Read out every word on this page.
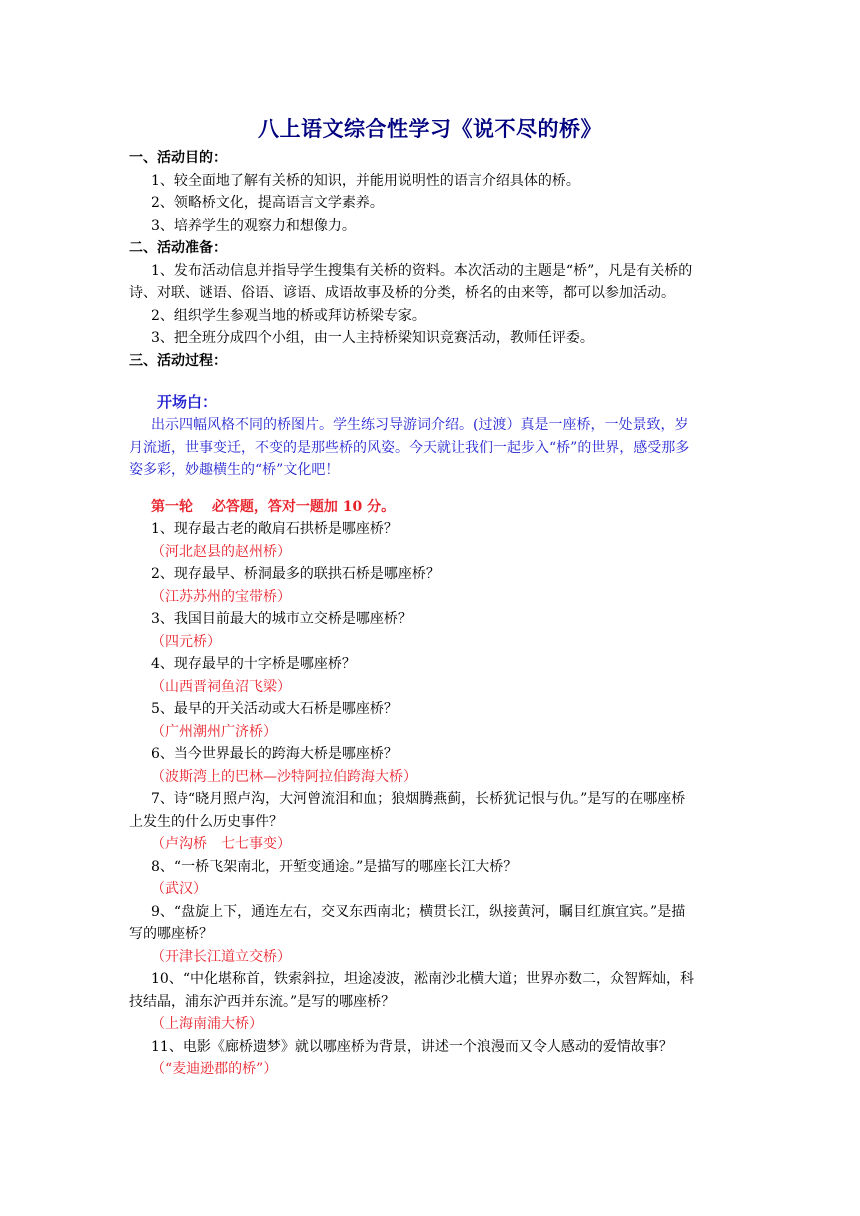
八上语文综合性学习《说不尽的桥》
一、活动目的：
1、较全面地了解有关桥的知识，并能用说明性的语言介绍具体的桥。
2、领略桥文化，提高语言文学素养。
3、培养学生的观察力和想像力。
二、活动准备：
1、发布活动信息并指导学生搜集有关桥的资料。本次活动的主题是“桥”，凡是有关桥的
诗、对联、谜语、俗语、谚语、成语故事及桥的分类，桥名的由来等，都可以参加活动。
2、组织学生参观当地的桥或拜访桥梁专家。
3、把全班分成四个小组，由一人主持桥梁知识竞赛活动，教师任评委。
三、活动过程：
开场白：
出示四幅风格不同的桥图片。学生练习导游词介绍。(过渡）真是一座桥，一处景致，岁
月流逝，世事变迁，不变的是那些桥的风姿。今天就让我们一起步入“桥”的世界，感受那多
姿多彩，妙趣横生的“桥”文化吧！
第一轮　 必答题，答对一题加 10 分。
1、现存最古老的敞肩石拱桥是哪座桥？
（河北赵县的赵州桥）
2、现存最早、桥洞最多的联拱石桥是哪座桥？
（江苏苏州的宝带桥）
3、我国目前最大的城市立交桥是哪座桥？
（四元桥）
4、现存最早的十字桥是哪座桥？
（山西晋祠鱼沼飞梁）
5、最早的开关活动或大石桥是哪座桥？
（广州潮州广济桥）
6、当今世界最长的跨海大桥是哪座桥？
（波斯湾上的巴林—沙特阿拉伯跨海大桥）
7、诗“晓月照卢沟，大河曾流泪和血；狼烟腾燕蓟，长桥犹记恨与仇。”是写的在哪座桥
上发生的什么历史事件？
（卢沟桥　七七事变）
8、“一桥飞架南北，开堑变通途。”是描写的哪座长江大桥？
（武汉）
9、“盘旋上下，通连左右，交叉东西南北；横贯长江，纵接黄河，瞩目红旗宜宾。”是描
写的哪座桥？
（开津长江道立交桥）
10、“中化堪称首，铁索斜拉，坦途凌波，淞南沙北横大道；世界亦数二，众智辉灿，科
技结晶，浦东沪西并东流。”是写的哪座桥？
（上海南浦大桥）
11、电影《廊桥遗梦》就以哪座桥为背景，讲述一个浪漫而又令人感动的爱情故事？
（“麦迪逊郡的桥”）
